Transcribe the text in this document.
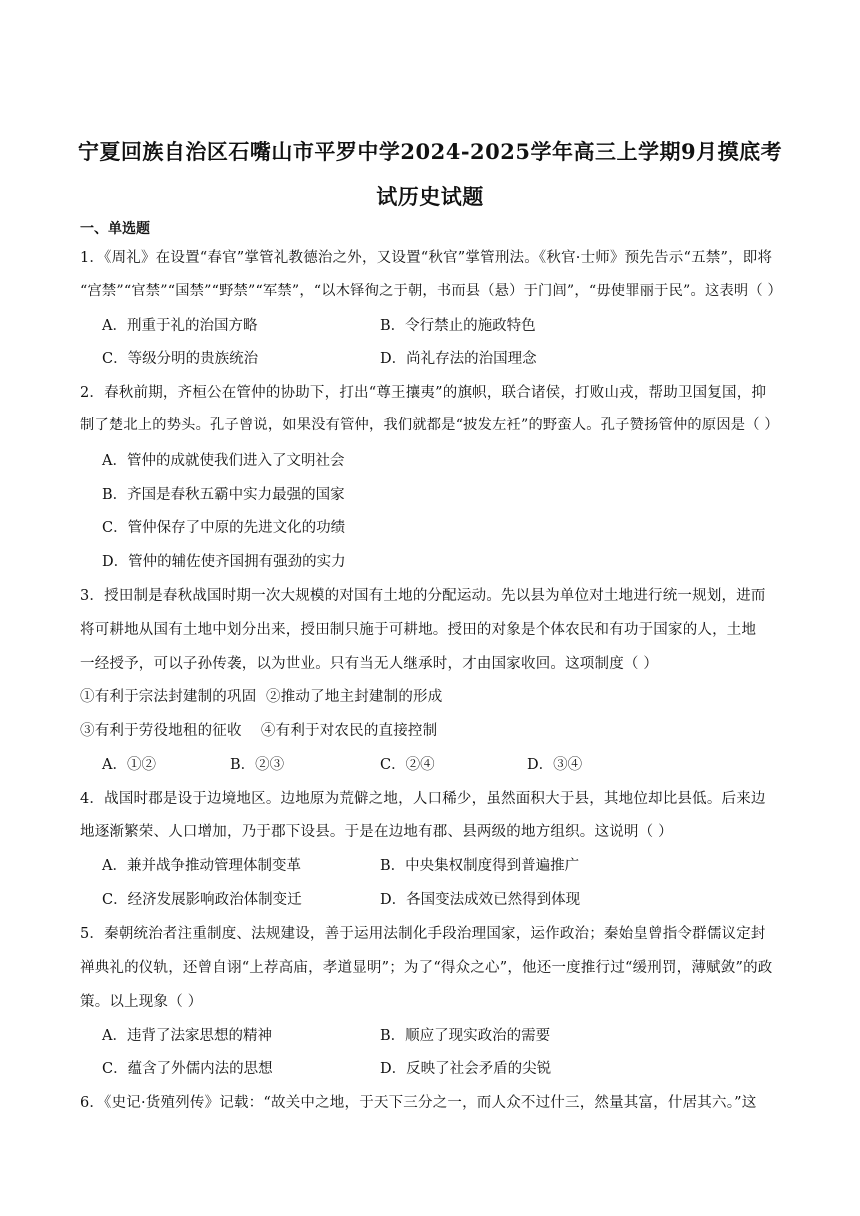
宁夏回族自治区石嘴山市平罗中学2024-2025学年高三上学期9月摸底考
试历史试题
一、单选题
1．《周礼》在设置“春官”掌管礼教德治之外，又设置“秋官”掌管刑法。《秋官·士师》预先告示“五禁”，即将
“宫禁”“官禁”“国禁”“野禁”“军禁”，“以木铎徇之于朝，书而县（悬）于门闾”，“毋使罪丽于民”。这表明（ ）
A．刑重于礼的治国方略	B．令行禁止的施政特色
C．等级分明的贵族统治	D．尚礼存法的治国理念
2．春秋前期，齐桓公在管仲的协助下，打出“尊王攘夷”的旗帜，联合诸侯，打败山戎，帮助卫国复国，抑
制了楚北上的势头。孔子曾说，如果没有管仲，我们就都是“披发左衽”的野蛮人。孔子赞扬管仲的原因是（ ）
A．管仲的成就使我们进入了文明社会
B．齐国是春秋五霸中实力最强的国家
C．管仲保存了中原的先进文化的功绩
D．管仲的辅佐使齐国拥有强劲的实力
3．授田制是春秋战国时期一次大规模的对国有土地的分配运动。先以县为单位对土地进行统一规划，进而
将可耕地从国有土地中划分出来，授田制只施于可耕地。授田的对象是个体农民和有功于国家的人，土地
一经授予，可以子孙传袭，以为世业。只有当无人继承时，才由国家收回。这项制度（ ）
①有利于宗法封建制的巩固  ②推动了地主封建制的形成
③有利于劳役地租的征收    ④有利于对农民的直接控制
A．①②	B．②③	C．②④	D．③④
4．战国时郡是设于边境地区。边地原为荒僻之地，人口稀少，虽然面积大于县，其地位却比县低。后来边
地逐渐繁荣、人口增加，乃于郡下设县。于是在边地有郡、县两级的地方组织。这说明（ ）
A．兼并战争推动管理体制变革	B．中央集权制度得到普遍推广
C．经济发展影响政治体制变迁	D．各国变法成效已然得到体现
5．秦朝统治者注重制度、法规建设，善于运用法制化手段治理国家，运作政治；秦始皇曾指令群儒议定封
禅典礼的仪轨，还曾自诩“上荐高庙，孝道显明”；为了“得众之心”，他还一度推行过“缓刑罚，薄赋敛”的政
策。以上现象（ ）
A．违背了法家思想的精神	B．顺应了现实政治的需要
C．蕴含了外儒内法的思想	D．反映了社会矛盾的尖锐
6．《史记·货殖列传》记载：“故关中之地，于天下三分之一，而人众不过什三，然量其富，什居其六。”这
